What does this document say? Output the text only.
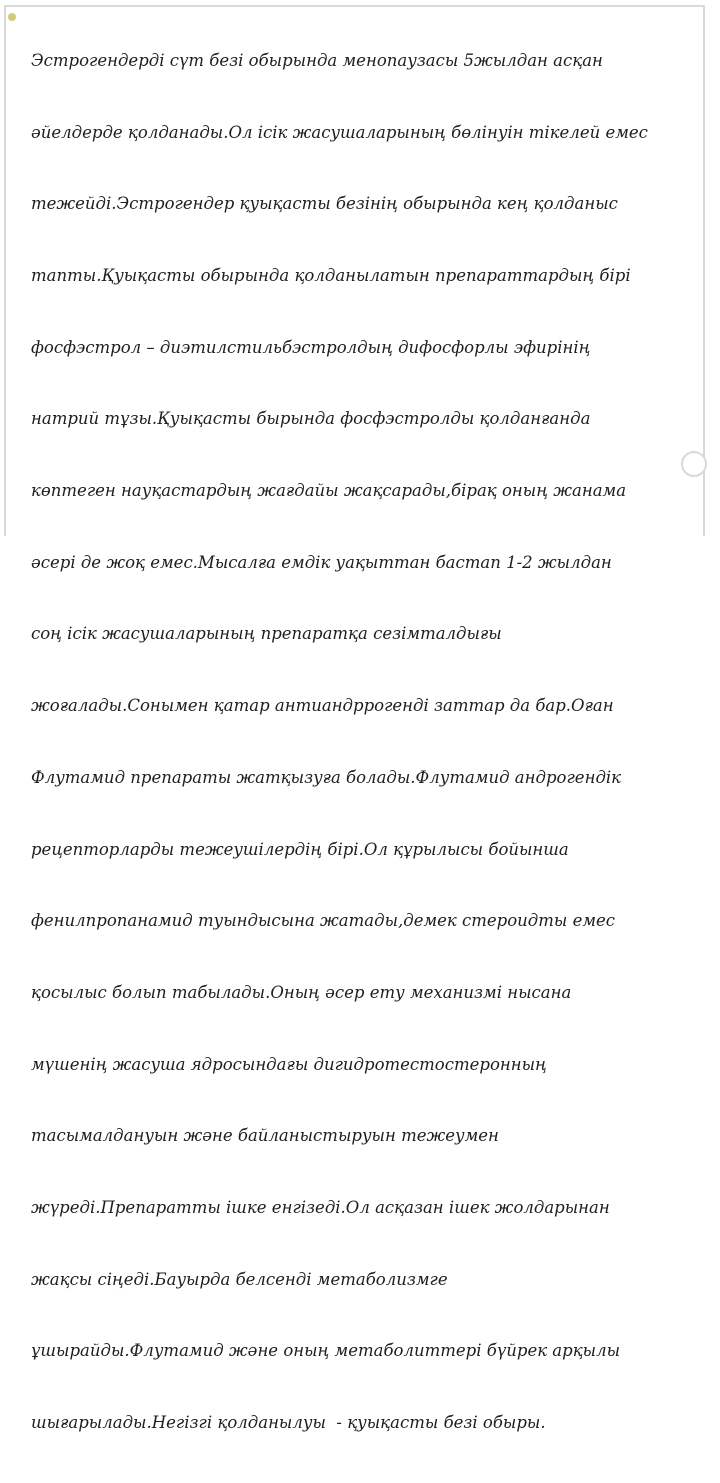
Эстрогендерді сүт безі обырында менопаузасы 5жылдан асқан

әйелдерде қолданады.Ол ісік жасушаларының бөлінуін тікелей емес

тежейді.Эстрогендер қуықасты безінің обырында кең қолданыс

тапты.Қуықасты обырында қолданылатын препараттардың бірі

фосфэстрол – диэтилстильбэстролдың дифосфорлы эфирінің

натрий тұзы.Қуықасты бырында фосфэстролды қолданғанда

көптеген науқастардың жағдайы жақсарады,бірақ оның жанама

әсері де жоқ емес.Мысалға емдік уақыттан бастап 1-2 жылдан

соң ісік жасушаларының препаратқа сезімталдығы

жоғалады.Сонымен қатар антиандррогенді заттар да бар.Оған

Флутамид препараты жатқызуға болады.Флутамид андрогендік

рецепторларды тежеушілердің бірі.Ол құрылысы бойынша

фенилпропанамид туындысына жатады,демек стероидты емес

қосылыс болып табылады.Оның әсер ету механизмі нысана

мүшенің жасуша ядросындағы дигидротестостеронның

тасымалдануын және байланыстыруын тежеумен

жүреді.Препаратты ішке енгізеді.Ол асқазан ішек жолдарынан

жақсы сіңеді.Бауырда белсенді метаболизмге

ұшырайды.Флутамид және оның метаболиттері бүйрек арқылы

шығарылады.Негізгі қолданылуы  - қуықасты безі обыры.
